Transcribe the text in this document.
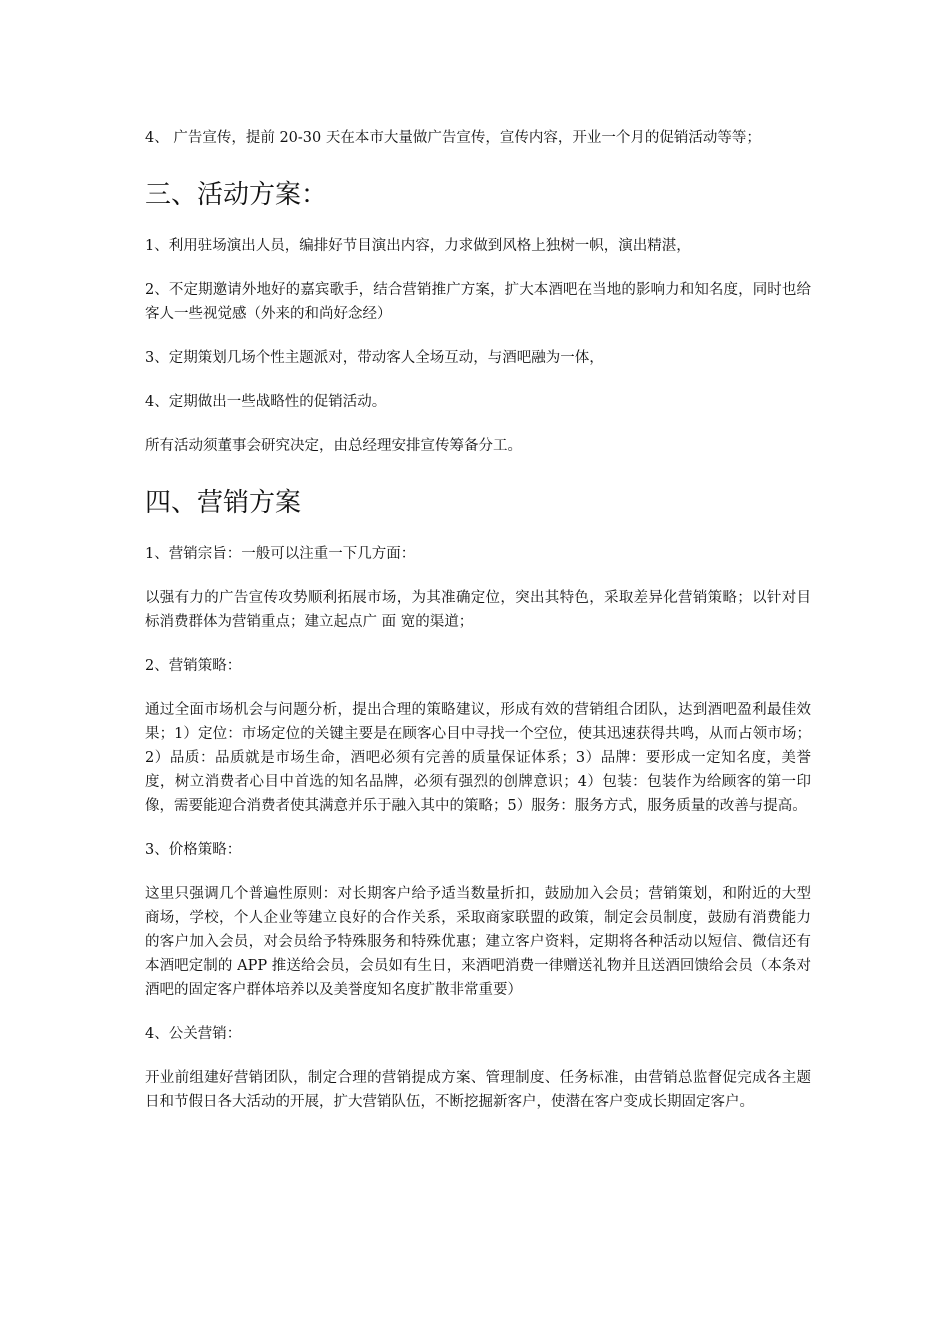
4、 广告宣传，提前 20-30 天在本市大量做广告宣传，宣传内容，开业一个月的促销活动等等；

三、活动方案：

1、利用驻场演出人员，编排好节目演出内容，力求做到风格上独树一帜，演出精湛，

2、不定期邀请外地好的嘉宾歌手，结合营销推广方案，扩大本酒吧在当地的影响力和知名度，同时也给客人一些视觉感（外来的和尚好念经）

3、定期策划几场个性主题派对，带动客人全场互动，与酒吧融为一体，

4、定期做出一些战略性的促销活动。

所有活动须董事会研究决定，由总经理安排宣传筹备分工。

四、营销方案

1、营销宗旨：一般可以注重一下几方面：

以强有力的广告宣传攻势顺利拓展市场，为其准确定位，突出其特色，采取差异化营销策略；以针对目标消费群体为营销重点；建立起点广 面 宽的渠道；

2、营销策略：

通过全面市场机会与问题分析，提出合理的策略建议，形成有效的营销组合团队，达到酒吧盈利最佳效果；1）定位：市场定位的关键主要是在顾客心目中寻找一个空位，使其迅速获得共鸣，从而占领市场；2）品质：品质就是市场生命，酒吧必须有完善的质量保证体系；3）品牌：要形成一定知名度，美誉度，树立消费者心目中首选的知名品牌，必须有强烈的创牌意识；4）包装：包装作为给顾客的第一印像，需要能迎合消费者使其满意并乐于融入其中的策略；5）服务：服务方式，服务质量的改善与提高。

3、价格策略：

这里只强调几个普遍性原则：对长期客户给予适当数量折扣，鼓励加入会员；营销策划，和附近的大型商场，学校，个人企业等建立良好的合作关系，采取商家联盟的政策，制定会员制度，鼓励有消费能力的客户加入会员，对会员给予特殊服务和特殊优惠；建立客户资料，定期将各种活动以短信、微信还有本酒吧定制的 APP 推送给会员，会员如有生日，来酒吧消费一律赠送礼物并且送酒回馈给会员（本条对酒吧的固定客户群体培养以及美誉度知名度扩散非常重要）

4、公关营销：

开业前组建好营销团队，制定合理的营销提成方案、管理制度、任务标准，由营销总监督促完成各主题日和节假日各大活动的开展，扩大营销队伍，不断挖掘新客户，使潜在客户变成长期固定客户。
